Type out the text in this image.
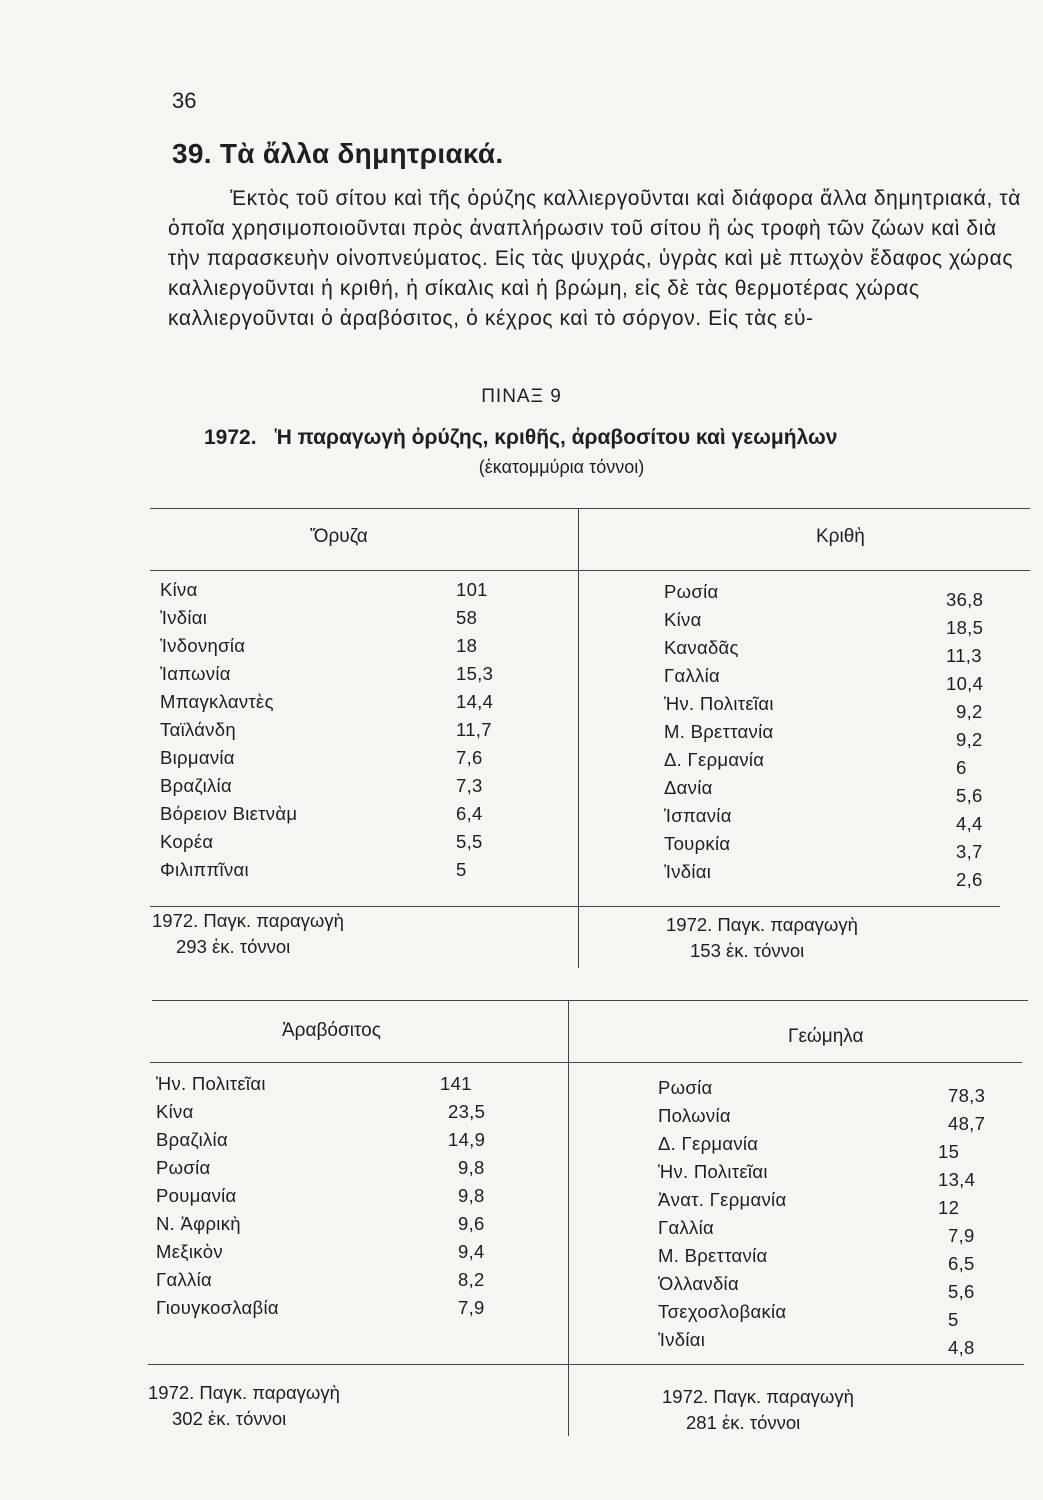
36
39. Τὰ ἄλλα δημητριακά.

Ἐκτὸς τοῦ σίτου καὶ τῆς ὀρύζης καλλιεργοῦνται καὶ διάφορα ἄλλα δημητριακά, τὰ ὁποῖα χρησιμοποιοῦνται πρὸς ἀναπλήρωσιν τοῦ σίτου ἢ ὡς τροφὴ τῶν ζώων καὶ διὰ τὴν παρασκευὴν οἰνοπνεύματος. Εἰς τὰς ψυχράς, ὑγρὰς καὶ μὲ πτωχὸν ἔδαφος χώρας καλλιεργοῦνται ἡ κριθή, ἡ σίκαλις καὶ ἡ βρώμη, εἰς δὲ τὰς θερμοτέρας χώρας καλλιεργοῦνται ὁ ἀραβόσιτος, ὁ κέχρος καὶ τὸ σόργον. Εἰς τὰς εὐ-

ΠΙΝΑΞ 9
1972. Ἡ παραγωγὴ ὀρύζης, κριθῆς, ἀραβοσίτου καὶ γεωμήλων
(ἑκατομμύρια τόννοι)
Ὄρυζα	Κριθὴ
Κίνα	101
Ἰνδίαι	58
Ἰνδονησία	18
Ἰαπωνία	15,3
Μπαγκλαντὲς	14,4
Ταϊλάνδη	11,7
Βιρμανία	7,6
Βραζιλία	7,3
Βόρειον Βιετνὰμ	6,4
Κορέα	5,5
Φιλιππῖναι	5
Ρωσία	36,8
Κίνα	18,5
Καναδᾶς	11,3
Γαλλία	10,4
Ἡν. Πολιτεῖαι	9,2
Μ. Βρεττανία	9,2
Δ. Γερμανία	6
Δανία	5,6
Ἱσπανία	4,4
Τουρκία	3,7
Ἰνδίαι	2,6
1972. Παγκ. παραγωγὴ
293 ἑκ. τόννοι
1972. Παγκ. παραγωγὴ
153 ἑκ. τόννοι
Ἀραβόσιτος	Γεώμηλα
Ἡν. Πολιτεῖαι	141
Κίνα	23,5
Βραζιλία	14,9
Ρωσία	9,8
Ρουμανία	9,8
Ν. Ἀφρικὴ	9,6
Μεξικὸν	9,4
Γαλλία	8,2
Γιουγκοσλαβία	7,9
Ρωσία	78,3
Πολωνία	48,7
Δ. Γερμανία	15
Ἡν. Πολιτεῖαι	13,4
Ἀνατ. Γερμανία	12
Γαλλία	7,9
Μ. Βρεττανία	6,5
Ὁλλανδία	5,6
Τσεχοσλοβακία	5
Ἰνδίαι	4,8
1972. Παγκ. παραγωγὴ
302 ἑκ. τόννοι
1972. Παγκ. παραγωγὴ
281 ἑκ. τόννοι
